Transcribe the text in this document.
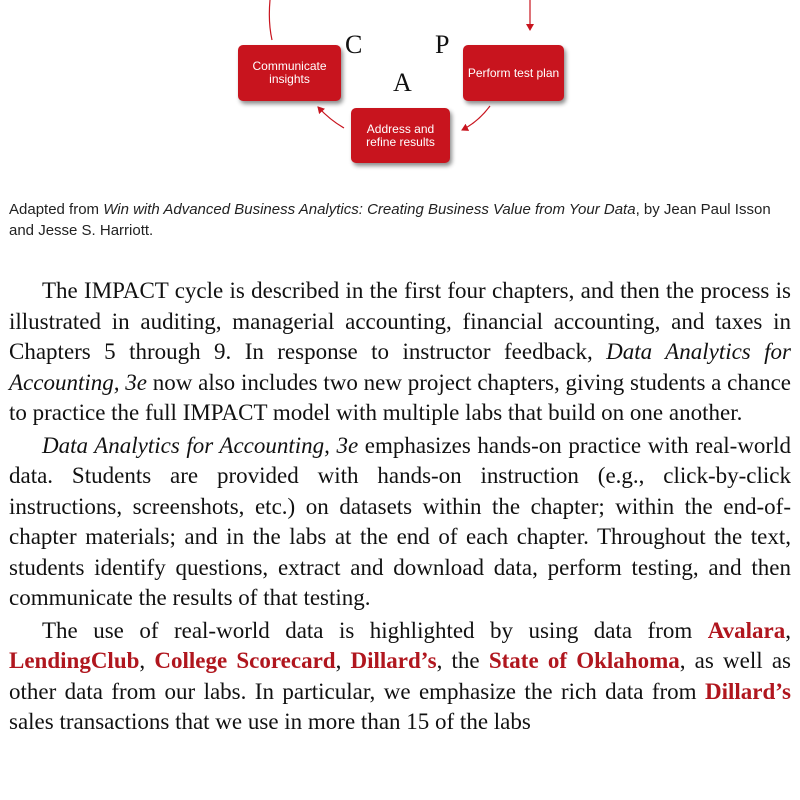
C	P
A
Communicate insights	Perform test plan
Address and refine results

Adapted from Win with Advanced Business Analytics: Creating Business Value from Your Data, by Jean Paul Isson and Jesse S. Harriott.

The IMPACT cycle is described in the first four chapters, and then the process is illustrated in auditing, managerial accounting, financial accounting, and taxes in Chapters 5 through 9. In response to instructor feedback, Data Analytics for Accounting, 3e now also includes two new project chapters, giving students a chance to practice the full IMPACT model with multiple labs that build on one another.

Data Analytics for Accounting, 3e emphasizes hands-on practice with real-world data. Students are provided with hands-on instruction (e.g., click-by-click instructions, screenshots, etc.) on datasets within the chapter; within the end-of-chapter materials; and in the labs at the end of each chapter. Throughout the text, students identify questions, extract and download data, perform testing, and then communicate the results of that testing.

The use of real-world data is highlighted by using data from Avalara, LendingClub, College Scorecard, Dillard’s, the State of Oklahoma, as well as other data from our labs. In particular, we emphasize the rich data from Dillard’s sales transactions that we use in more than 15 of the labs
